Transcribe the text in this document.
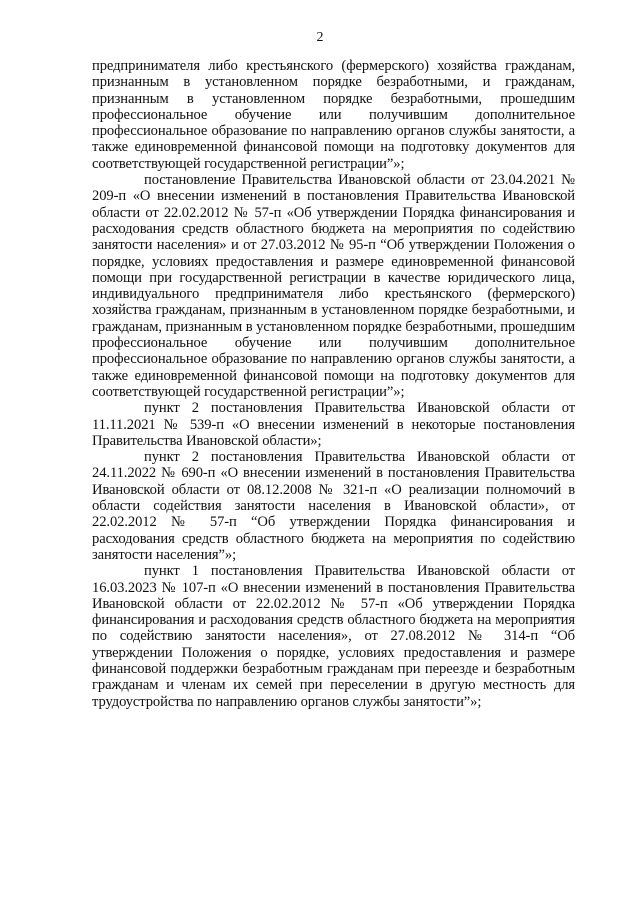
2

предпринимателя либо крестьянского (фермерского) хозяйства гражданам, признанным в установленном порядке безработными, и гражданам, признанным в установленном порядке безработными, прошедшим профессиональное обучение или получившим дополнительное профессиональное образование по направлению органов службы занятости, а также единовременной финансовой помощи на подготовку документов для соответствующей государственной регистрации”»;

постановление Правительства Ивановской области от 23.04.2021 № 209-п «О внесении изменений в постановления Правительства Ивановской области от 22.02.2012 № 57-п «Об утверждении Порядка финансирования и расходования средств областного бюджета на мероприятия по содействию занятости населения» и от 27.03.2012 № 95-п “Об утверждении Положения о порядке, условиях предоставления и размере единовременной финансовой помощи при государственной регистрации в качестве юридического лица, индивидуального предпринимателя либо крестьянского (фермерского) хозяйства гражданам, признанным в установленном порядке безработными, и гражданам, признанным в установленном порядке безработными, прошедшим профессиональное обучение или получившим дополнительное профессиональное образование по направлению органов службы занятости, а также единовременной финансовой помощи на подготовку документов для соответствующей государственной регистрации”»;

пункт 2 постановления Правительства Ивановской области от 11.11.2021 № 539-п «О внесении изменений в некоторые постановления Правительства Ивановской области»;

пункт 2 постановления Правительства Ивановской области от 24.11.2022 № 690-п «О внесении изменений в постановления Правительства Ивановской области от 08.12.2008 № 321-п «О реализации полномочий в области содействия занятости населения в Ивановской области», от 22.02.2012 № 57-п “Об утверждении Порядка финансирования и расходования средств областного бюджета на мероприятия по содействию занятости населения”»;

пункт 1 постановления Правительства Ивановской области от 16.03.2023 № 107-п «О внесении изменений в постановления Правительства Ивановской области от 22.02.2012 № 57-п «Об утверждении Порядка финансирования и расходования средств областного бюджета на мероприятия по содействию занятости населения», от 27.08.2012 № 314-п “Об утверждении Положения о порядке, условиях предоставления и размере финансовой поддержки безработным гражданам при переезде и безработным гражданам и членам их семей при переселении в другую местность для трудоустройства по направлению органов службы занятости”»;
